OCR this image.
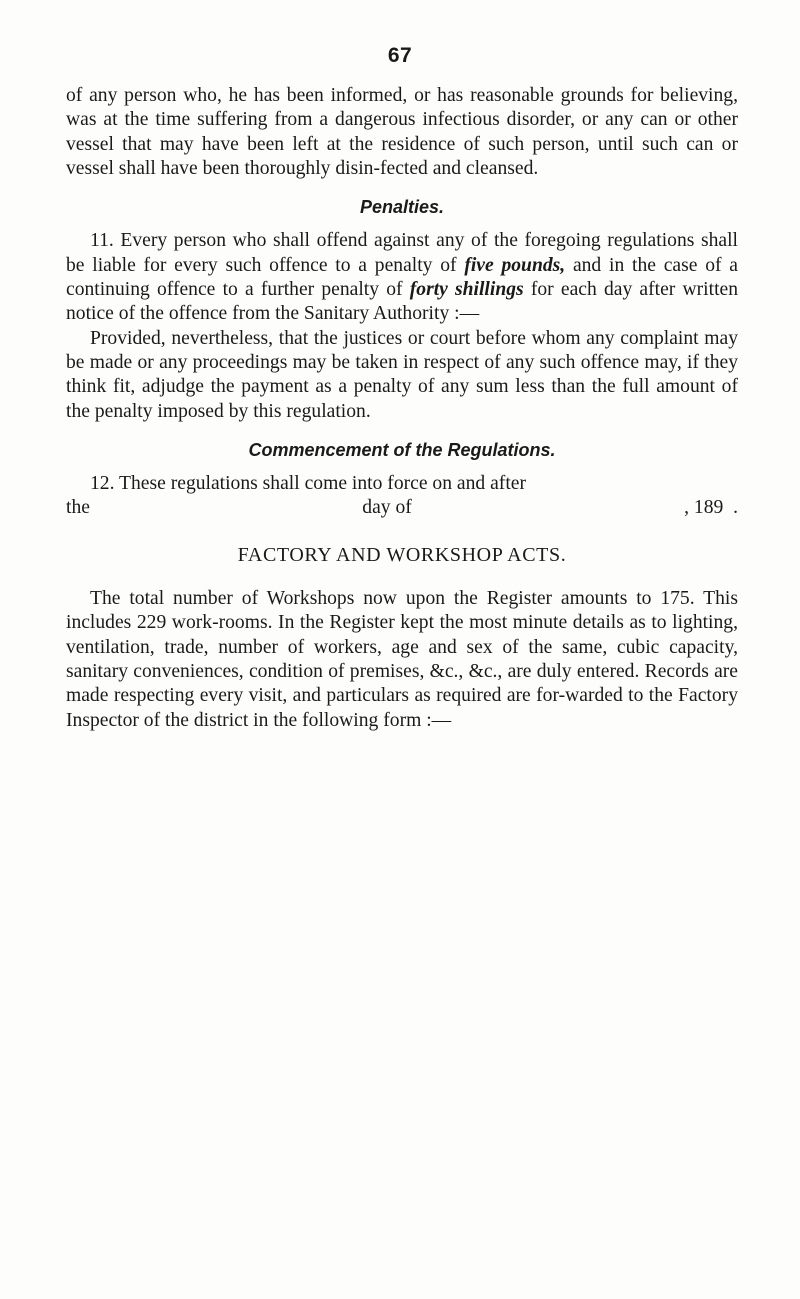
67

of any person who, he has been informed, or has reasonable grounds for believing, was at the time suffering from a dangerous infectious disorder, or any can or other vessel that may have been left at the residence of such person, until such can or vessel shall have been thoroughly disin-fected and cleansed.

Penalties.

11. Every person who shall offend against any of the foregoing regulations shall be liable for every such offence to a penalty of five pounds, and in the case of a continuing offence to a further penalty of forty shillings for each day after written notice of the offence from the Sanitary Authority :—

Provided, nevertheless, that the justices or court before whom any complaint may be made or any proceedings may be taken in respect of any such offence may, if they think fit, adjudge the payment as a penalty of any sum less than the full amount of the penalty imposed by this regulation.

Commencement of the Regulations.

12. These regulations shall come into force on and after

the	day of	, 189  .
FACTORY AND WORKSHOP ACTS.

The total number of Workshops now upon the Register amounts to 175. This includes 229 work-rooms. In the Register kept the most minute details as to lighting, ventilation, trade, number of workers, age and sex of the same, cubic capacity, sanitary conveniences, condition of premises, &c., &c., are duly entered. Records are made respecting every visit, and particulars as required are for-warded to the Factory Inspector of the district in the following form :—
